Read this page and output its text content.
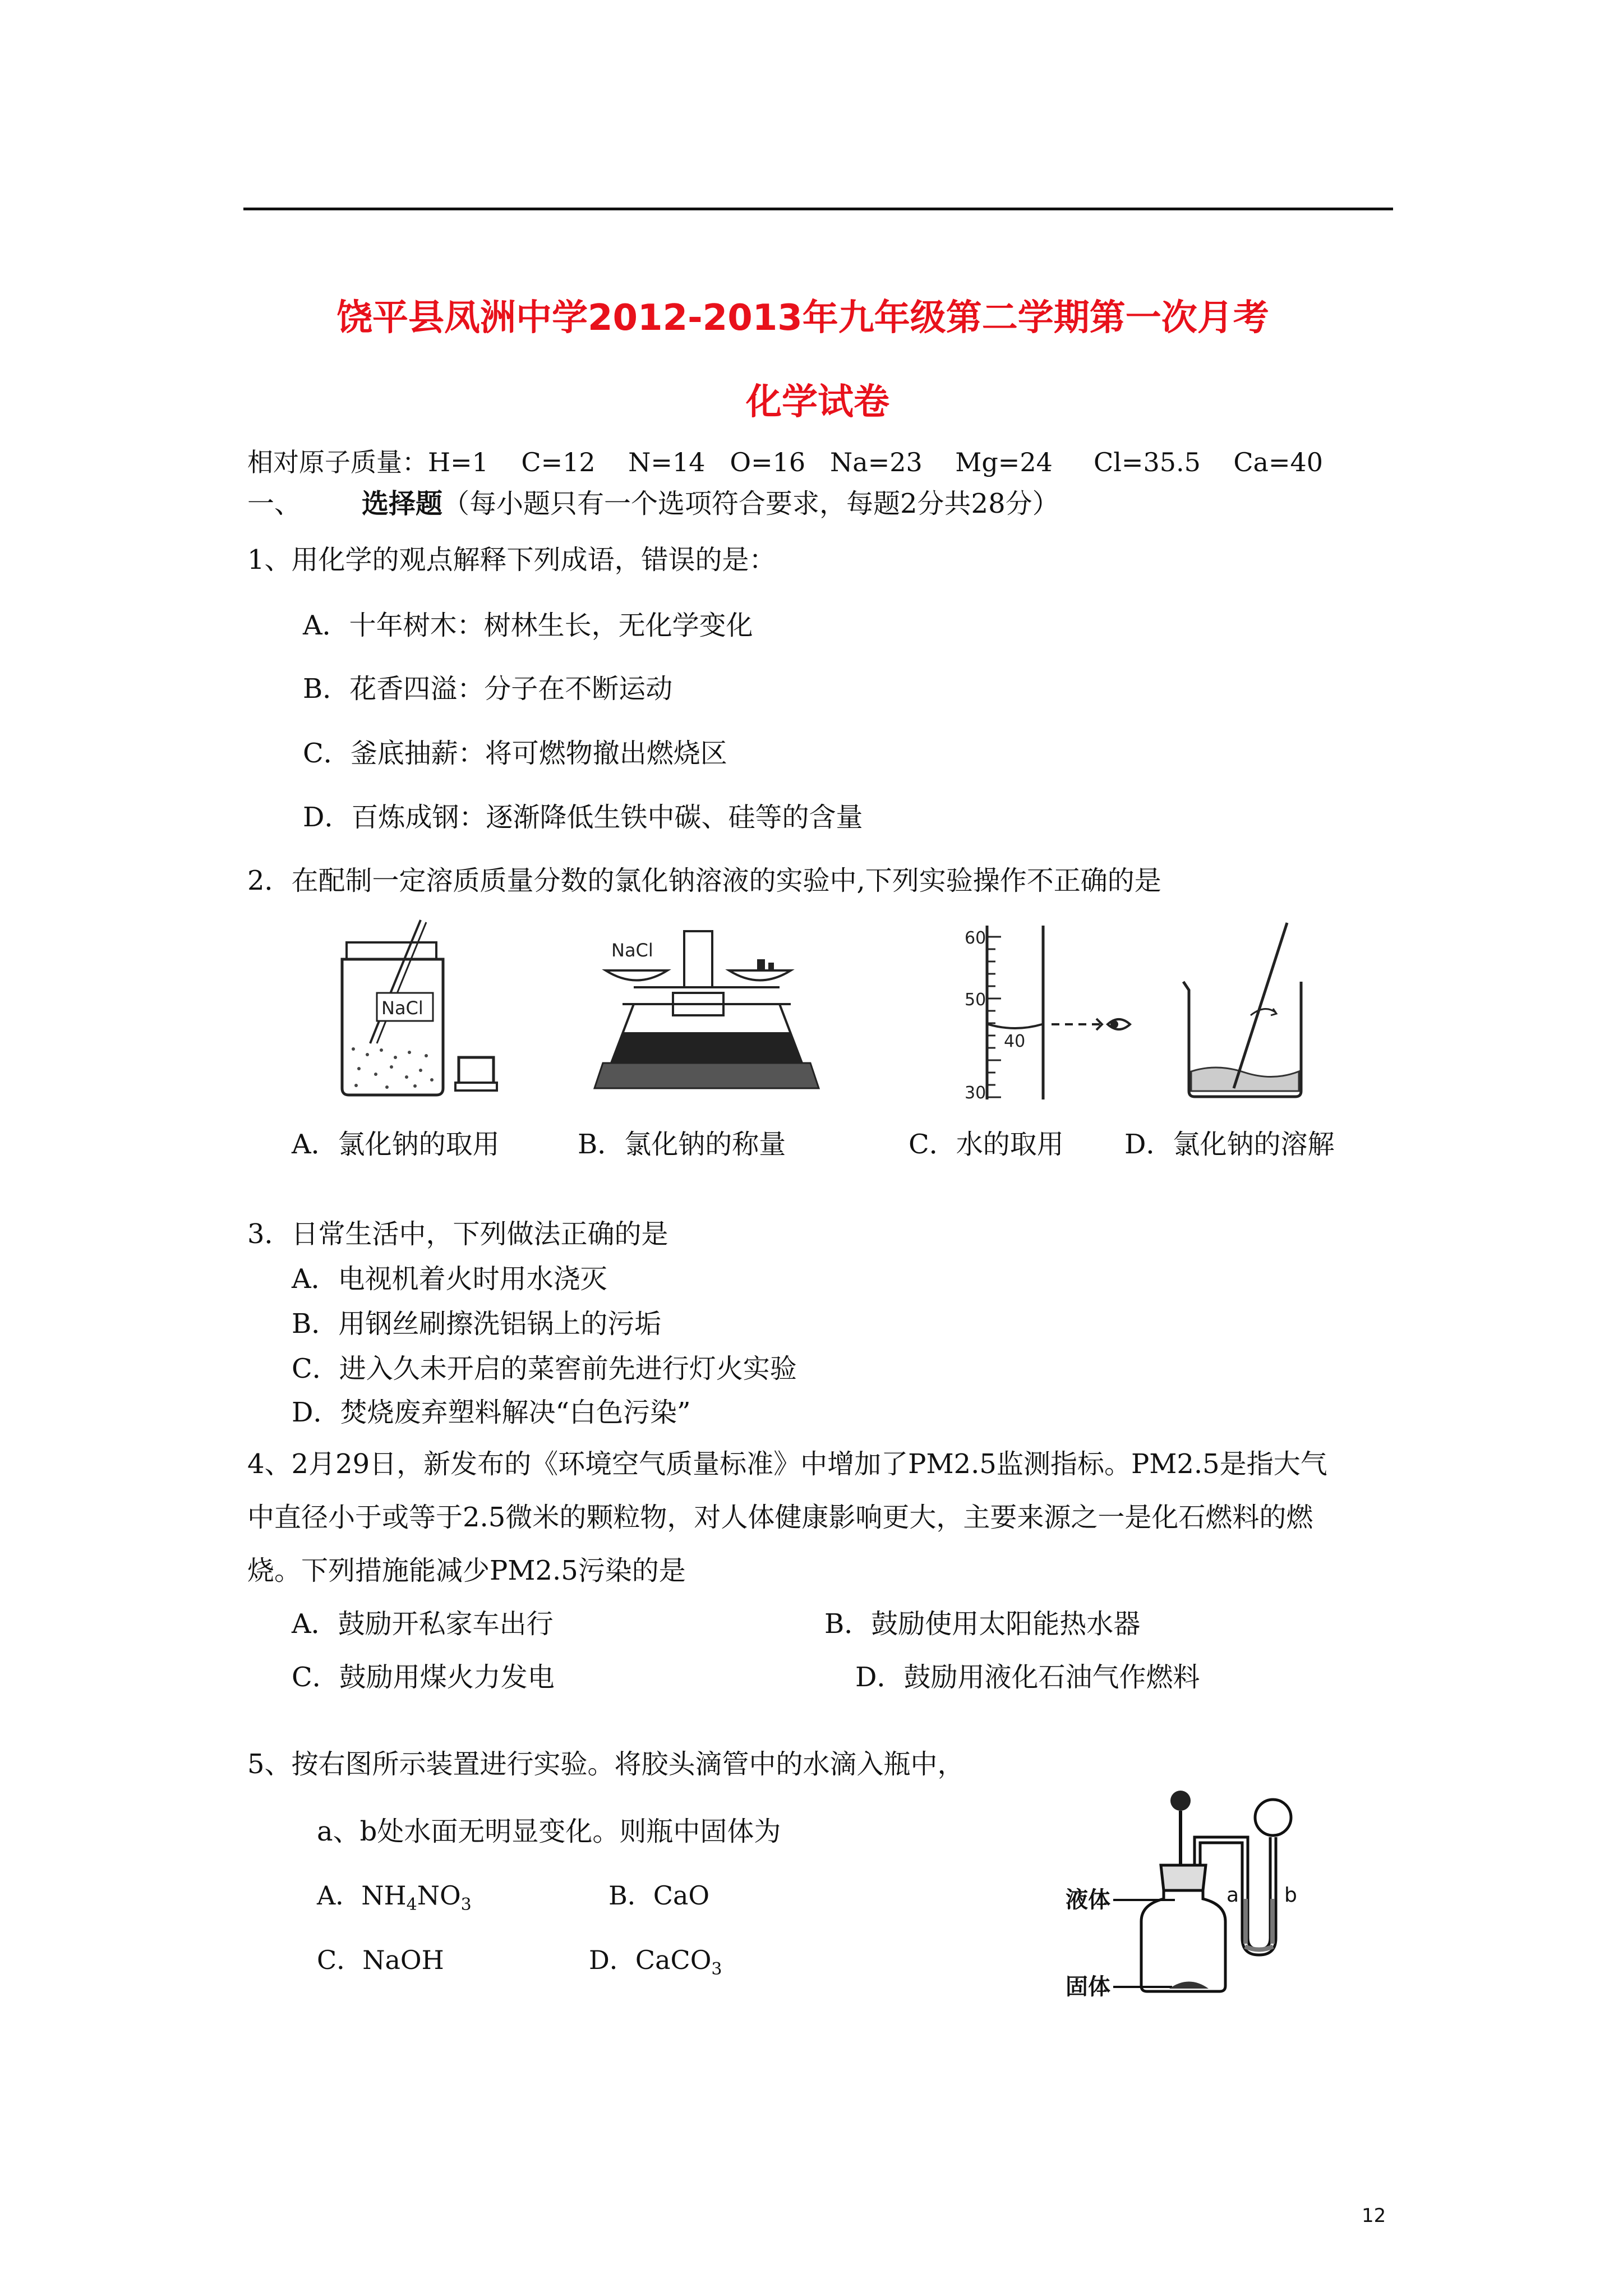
饶平县凤洲中学2012-2013年九年级第二学期第一次月考
化学试卷
相对原子质量：H=1    C=12    N=14   O=16   Na=23    Mg=24     Cl=35.5    Ca=40
一、 选择题（每小题只有一个选项符合要求，每题2分共28分）
1、用化学的观点解释下列成语，错误的是：
A．十年树木：树林生长，无化学变化
B．花香四溢：分子在不断运动
C．釜底抽薪：将可燃物撤出燃烧区
D．百炼成钢：逐渐降低生铁中碳、硅等的含量
2．在配制一定溶质质量分数的氯化钠溶液的实验中,下列实验操作不正确的是
NaCl
NaCl
60
50
40
30
A．氯化钠的取用	B．氯化钠的称量	C．水的取用 D．氯化钠的溶解
3．日常生活中，下列做法正确的是
A．电视机着火时用水浇灭
B．用钢丝刷擦洗铝锅上的污垢
C．进入久未开启的菜窖前先进行灯火实验
D．焚烧废弃塑料解决“白色污染”
4、2月29日，新发布的《环境空气质量标准》中增加了PM2.5监测指标。PM2.5是指大气
中直径小于或等于2.5微米的颗粒物，对人体健康影响更大，主要来源之一是化石燃料的燃
烧。下列措施能减少PM2.5污染的是
A．鼓励开私家车出行	B．鼓励使用太阳能热水器
C．鼓励用煤火力发电	D．鼓励用液化石油气作燃料
5、按右图所示装置进行实验。将胶头滴管中的水滴入瓶中，
a、b处水面无明显变化。则瓶中固体为
A．$NH_4NO_3$	B．CaO
C．NaOH	D．CaCO$_3$
液体
固体
a b
12
